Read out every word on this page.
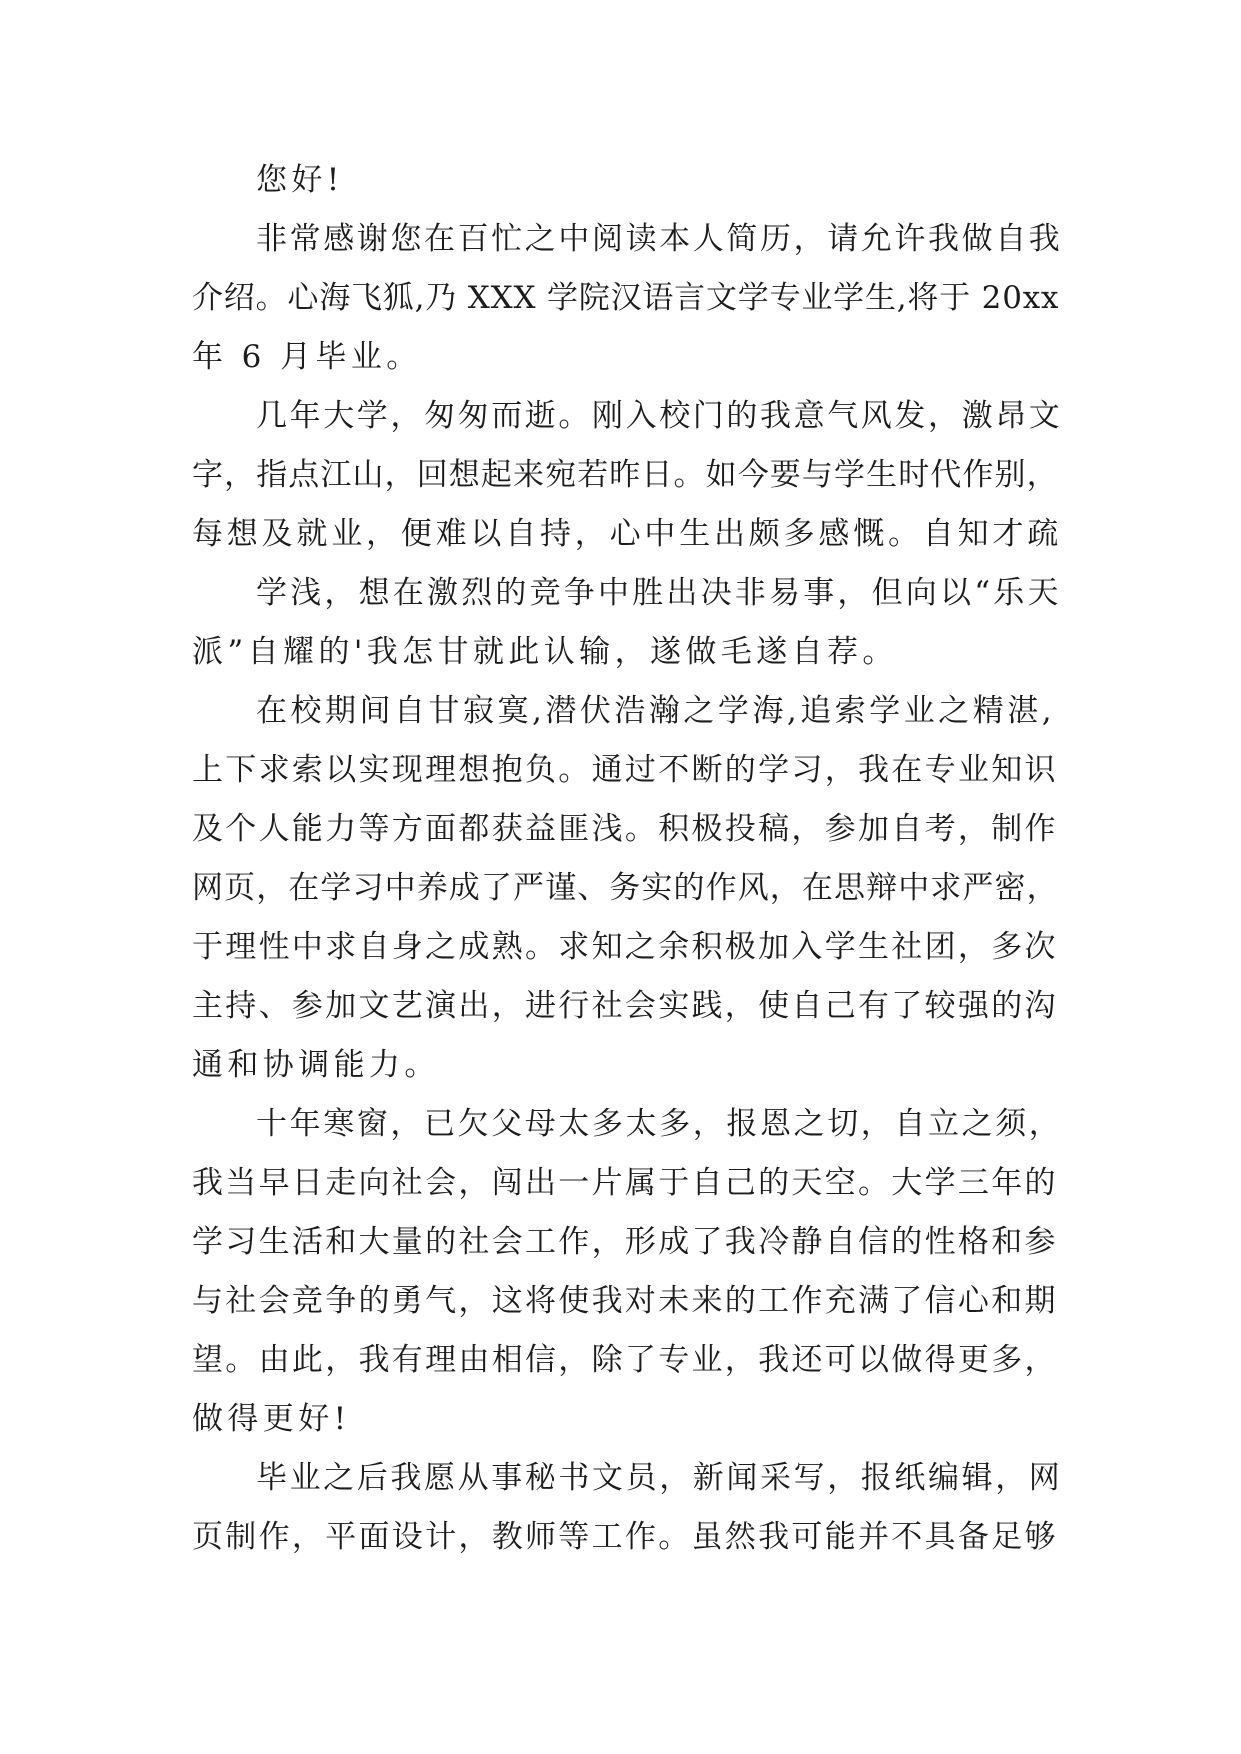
您好!
非常感谢您在百忙之中阅读本人简历，请允许我做自我
介绍。心海飞狐,乃 XXX 学院汉语言文学专业学生,将于 20xx
年 6 月毕业。
几年大学，匆匆而逝。刚入校门的我意气风发，激昂文
字，指点江山，回想起来宛若昨日。如今要与学生时代作别，
每想及就业，便难以自持，心中生出颇多感慨。自知才疏
学浅，想在激烈的竞争中胜出决非易事，但向以“乐天
派”自耀的'我怎甘就此认输，遂做毛遂自荐。
在校期间自甘寂寞,潜伏浩瀚之学海,追索学业之精湛,
上下求索以实现理想抱负。通过不断的学习，我在专业知识
及个人能力等方面都获益匪浅。积极投稿，参加自考，制作
网页，在学习中养成了严谨、务实的作风，在思辩中求严密，
于理性中求自身之成熟。求知之余积极加入学生社团，多次
主持、参加文艺演出，进行社会实践，使自己有了较强的沟
通和协调能力。
十年寒窗，已欠父母太多太多，报恩之切，自立之须，
我当早日走向社会，闯出一片属于自己的天空。大学三年的
学习生活和大量的社会工作，形成了我冷静自信的性格和参
与社会竞争的勇气，这将使我对未来的工作充满了信心和期
望。由此，我有理由相信，除了专业，我还可以做得更多，
做得更好!
毕业之后我愿从事秘书文员，新闻采写，报纸编辑，网
页制作，平面设计，教师等工作。虽然我可能并不具备足够
